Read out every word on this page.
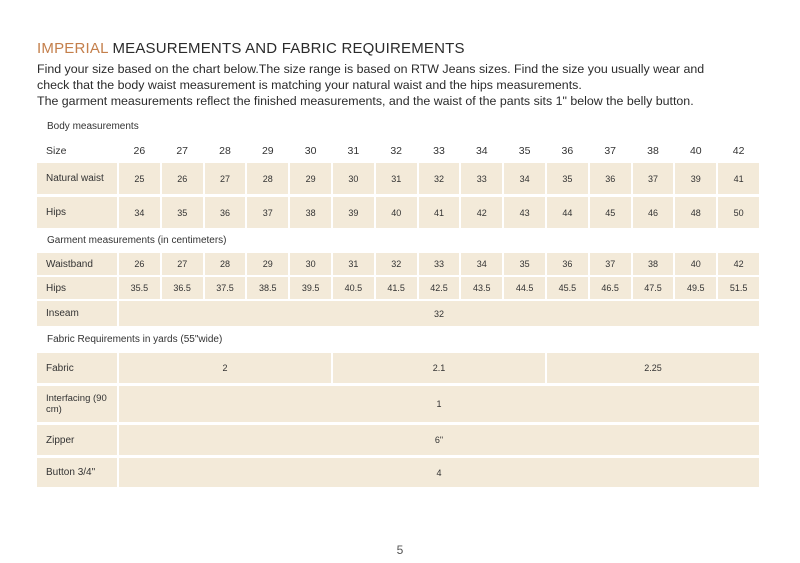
IMPERIAL MEASUREMENTS AND FABRIC REQUIREMENTS

Find your size based on the chart below.The size range is based on RTW Jeans sizes. Find the size you usually wear and

check that the body waist measurement is matching your natural waist and the hips measurements.

The garment measurements reflect the finished measurements, and the waist of the pants sits 1" below the belly button.

Body measurements
Size	26	27	28	29	30	31	32	33	34	35	36	37	38	40	42
Natural waist	25	26	27	28	29	30	31	32	33	34	35	36	37	39	41
Hips	34	35	36	37	38	39	40	41	42	43	44	45	46	48	50
Garment measurements (in centimeters)
Waistband	26	27	28	29	30	31	32	33	34	35	36	37	38	40	42
Hips	35.5	36.5	37.5	38.5	39.5	40.5	41.5	42.5	43.5	44.5	45.5	46.5	47.5	49.5	51.5
Inseam	32
Fabric Requirements in yards (55"wide)
Fabric	2	2.1	2.25
Interfacing (90 cm)	1
Zipper	6"
Button 3/4"	4
5
